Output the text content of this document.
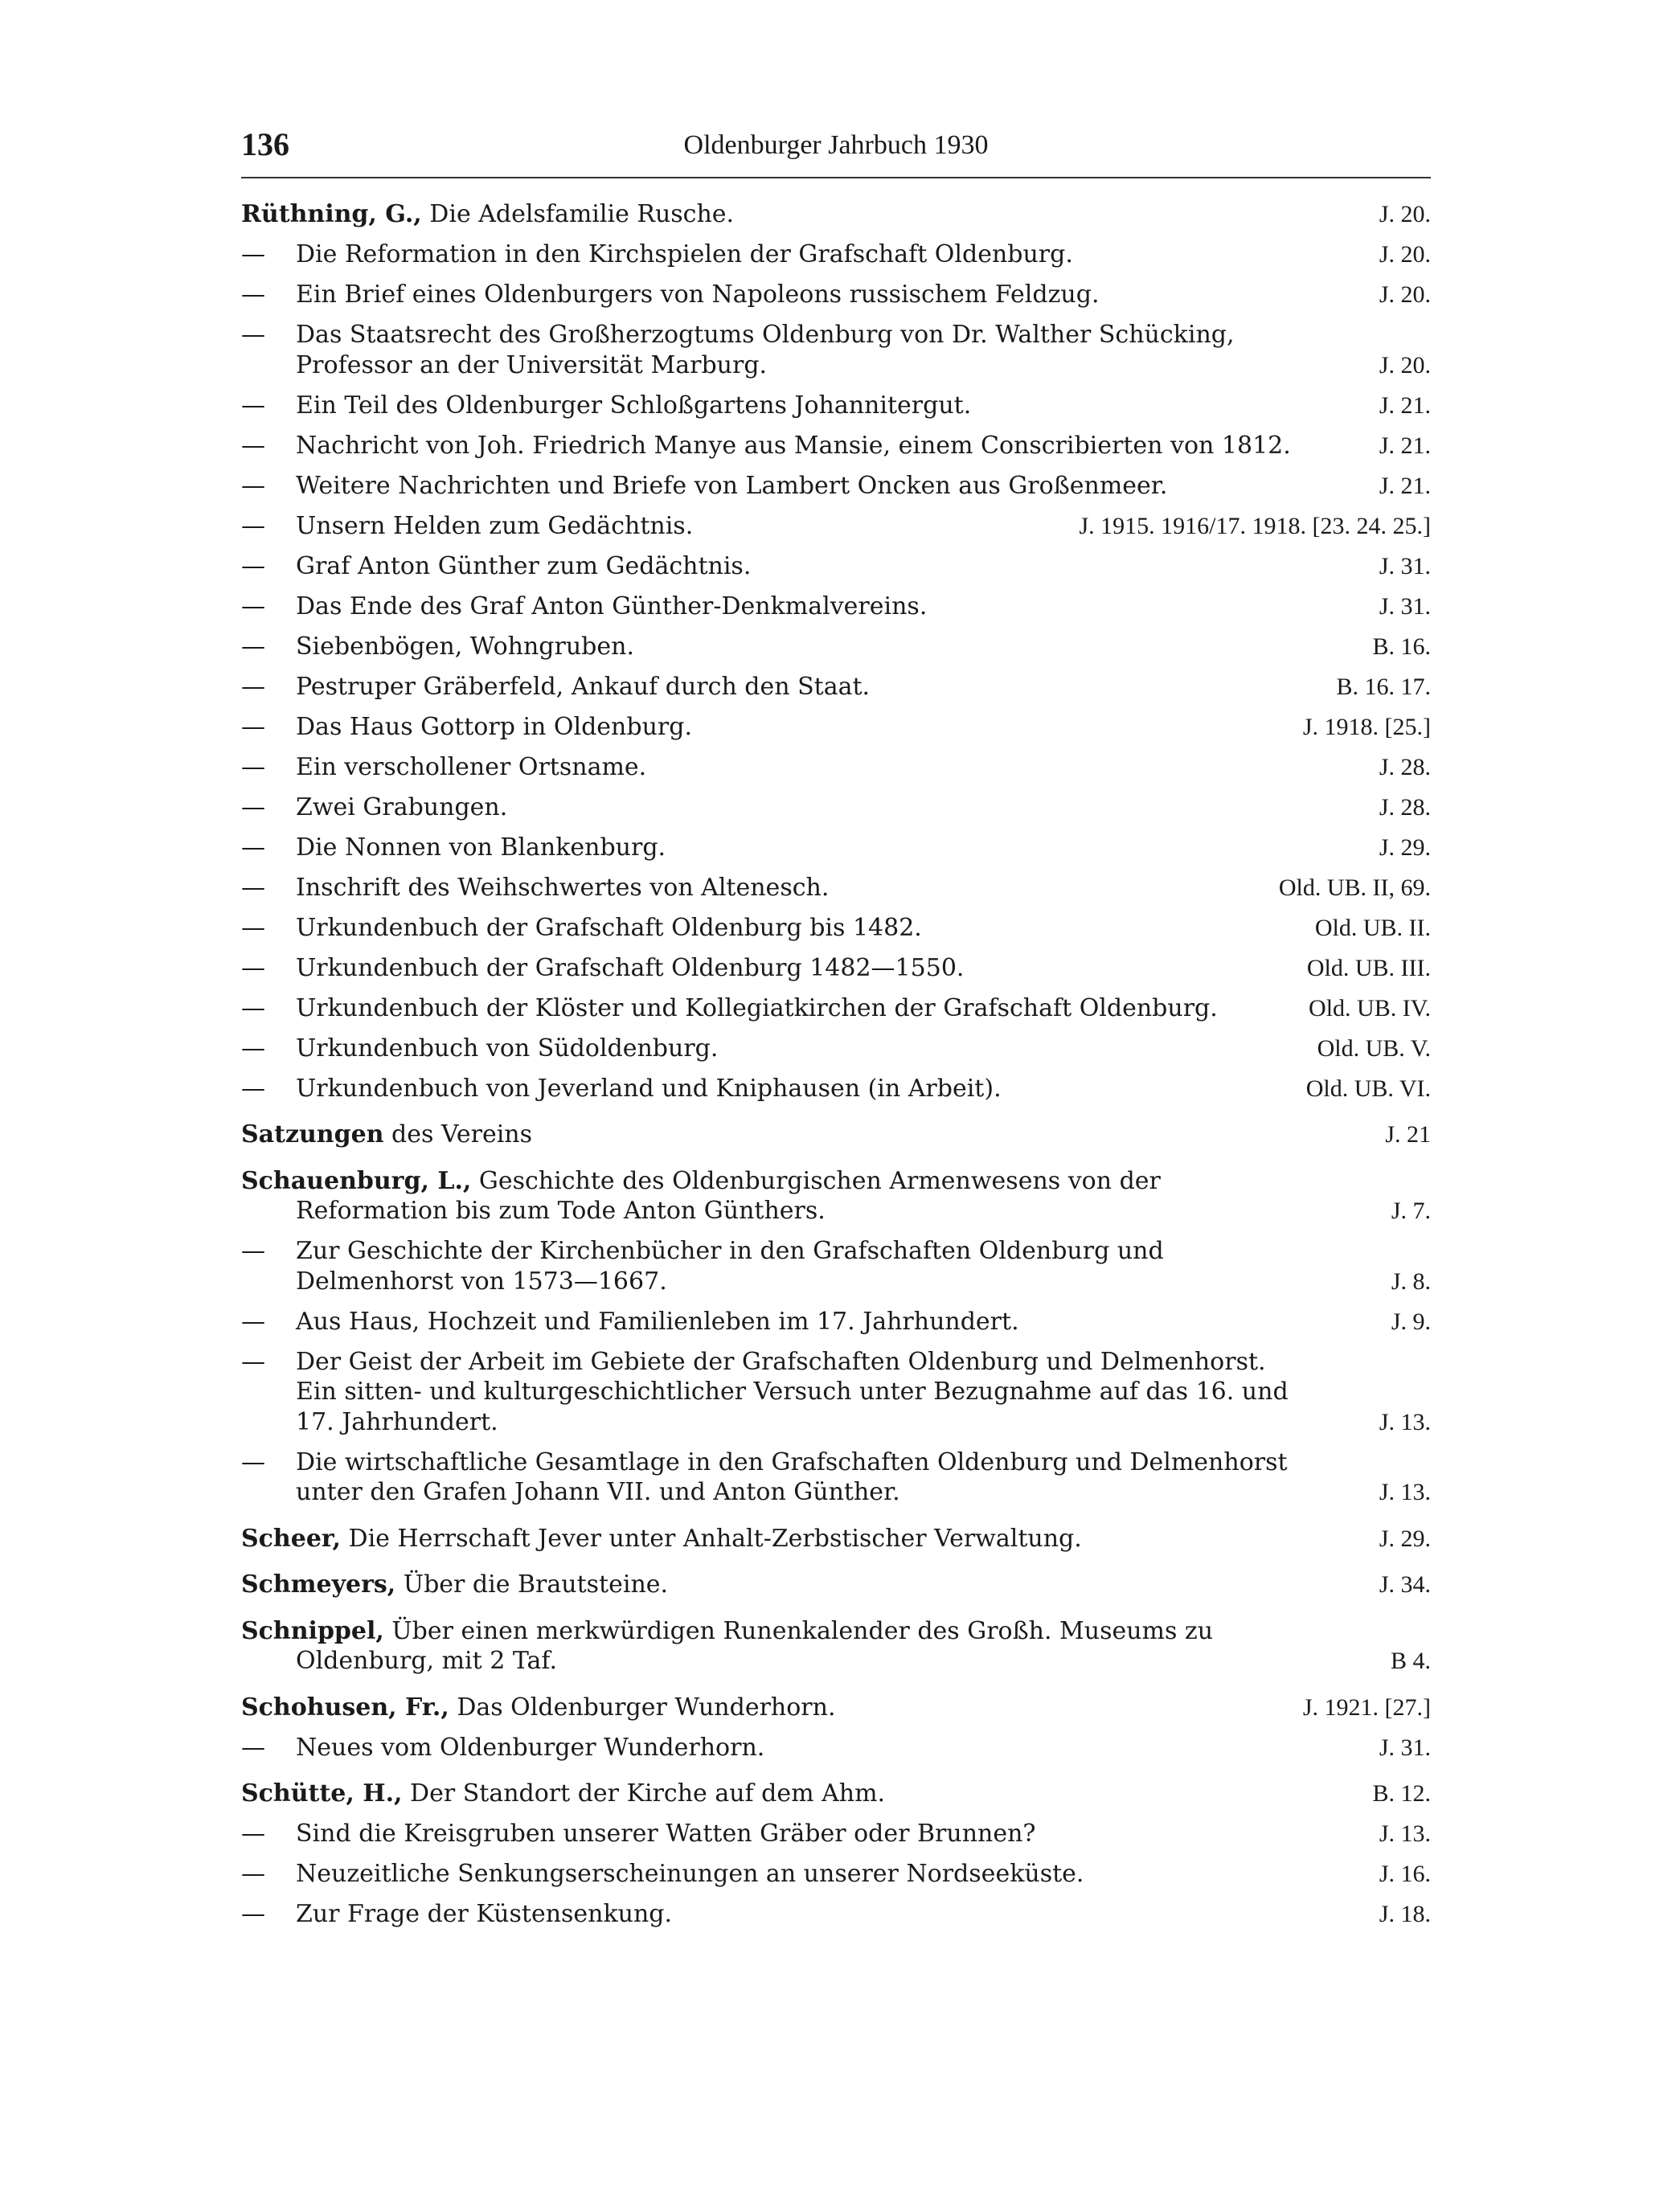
136	Oldenburger Jahrbuch 1930
Rüthning, G., Die Adelsfamilie Rusche.	J. 20.
— Die Reformation in den Kirchspielen der Grafschaft Oldenburg.	J. 20.
— Ein Brief eines Oldenburgers von Napoleons russischem Feldzug.	J. 20.
— Das Staatsrecht des Großherzogtums Oldenburg von Dr. Walther Schücking, Professor an der Universität Marburg.	J. 20.
— Ein Teil des Oldenburger Schloßgartens Johannitergut.	J. 21.
— Nachricht von Joh. Friedrich Manye aus Mansie, einem Conscribierten von 1812.	J. 21.
— Weitere Nachrichten und Briefe von Lambert Oncken aus Großenmeer.	J. 21.
— Unsern Helden zum Gedächtnis.	J. 1915. 1916/17. 1918. [23. 24. 25.]
— Graf Anton Günther zum Gedächtnis.	J. 31.
— Das Ende des Graf Anton Günther-Denkmalvereins.	J. 31.
— Siebenbögen, Wohngruben.	B. 16.
— Pestruper Gräberfeld, Ankauf durch den Staat.	B. 16. 17.
— Das Haus Gottorp in Oldenburg.	J. 1918. [25.]
— Ein verschollener Ortsname.	J. 28.
— Zwei Grabungen.	J. 28.
— Die Nonnen von Blankenburg.	J. 29.
— Inschrift des Weihschwertes von Altenesch.	Old. UB. II, 69.
— Urkundenbuch der Grafschaft Oldenburg bis 1482.	Old. UB. II.
— Urkundenbuch der Grafschaft Oldenburg 1482—1550.	Old. UB. III.
— Urkundenbuch der Klöster und Kollegiatkirchen der Grafschaft Oldenburg.	Old. UB. IV.
— Urkundenbuch von Südoldenburg.	Old. UB. V.
— Urkundenbuch von Jeverland und Kniphausen (in Arbeit).	Old. UB. VI.
Satzungen des Vereins	J. 21
Schauenburg, L., Geschichte des Oldenburgischen Armenwesens von der Reformation bis zum Tode Anton Günthers.	J. 7.
— Zur Geschichte der Kirchenbücher in den Grafschaften Oldenburg und Delmenhorst von 1573—1667.	J. 8.
— Aus Haus, Hochzeit und Familienleben im 17. Jahrhundert.	J. 9.
— Der Geist der Arbeit im Gebiete der Grafschaften Oldenburg und Delmenhorst. Ein sitten- und kulturgeschichtlicher Versuch unter Bezugnahme auf das 16. und 17. Jahrhundert.	J. 13.
— Die wirtschaftliche Gesamtlage in den Grafschaften Oldenburg und Delmenhorst unter den Grafen Johann VII. und Anton Günther.	J. 13.
Scheer, Die Herrschaft Jever unter Anhalt-Zerbstischer Verwaltung.	J. 29.
Schmeyers, Über die Brautsteine.	J. 34.
Schnippel, Über einen merkwürdigen Runenkalender des Großh. Museums zu Oldenburg, mit 2 Taf.	B 4.
Schohusen, Fr., Das Oldenburger Wunderhorn.	J. 1921. [27.]
— Neues vom Oldenburger Wunderhorn.	J. 31.
Schütte, H., Der Standort der Kirche auf dem Ahm.	B. 12.
— Sind die Kreisgruben unserer Watten Gräber oder Brunnen?	J. 13.
— Neuzeitliche Senkungserscheinungen an unserer Nordseeküste.	J. 16.
— Zur Frage der Küstensenkung.	J. 18.
